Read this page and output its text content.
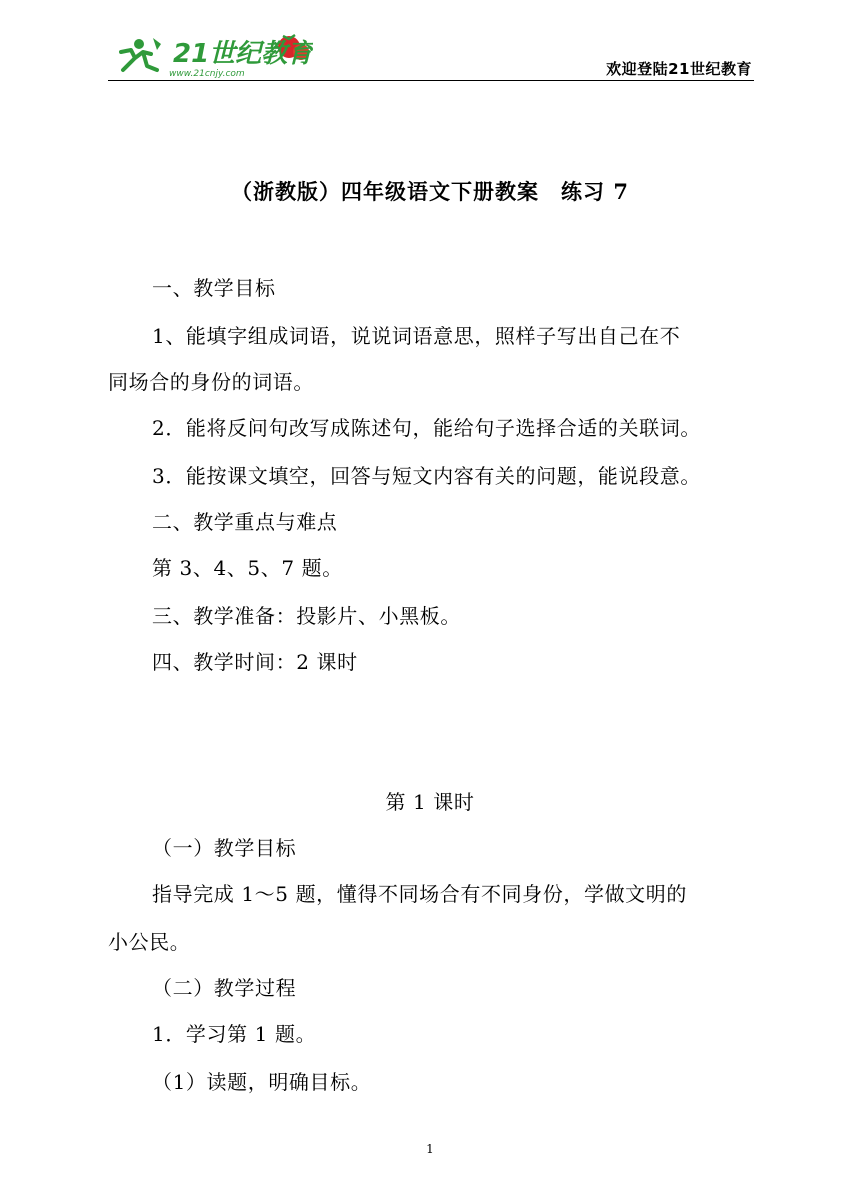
21世纪教育
www.21cnjy.com	欢迎登陆21世纪教育
（浙教版）四年级语文下册教案　练习 7
一、教学目标
1、能填字组成词语，说说词语意思，照样子写出自己在不
同场合的身份的词语。
2．能将反问句改写成陈述句，能给句子选择合适的关联词。
3．能按课文填空，回答与短文内容有关的问题，能说段意。
二、教学重点与难点
第 3、4、5、7 题。
三、教学准备：投影片、小黑板。
四、教学时间：2 课时
第 1 课时
（一）教学目标
指导完成 1～5 题，懂得不同场合有不同身份，学做文明的
小公民。
（二）教学过程
1．学习第 1 题。
（1）读题，明确目标。
1
